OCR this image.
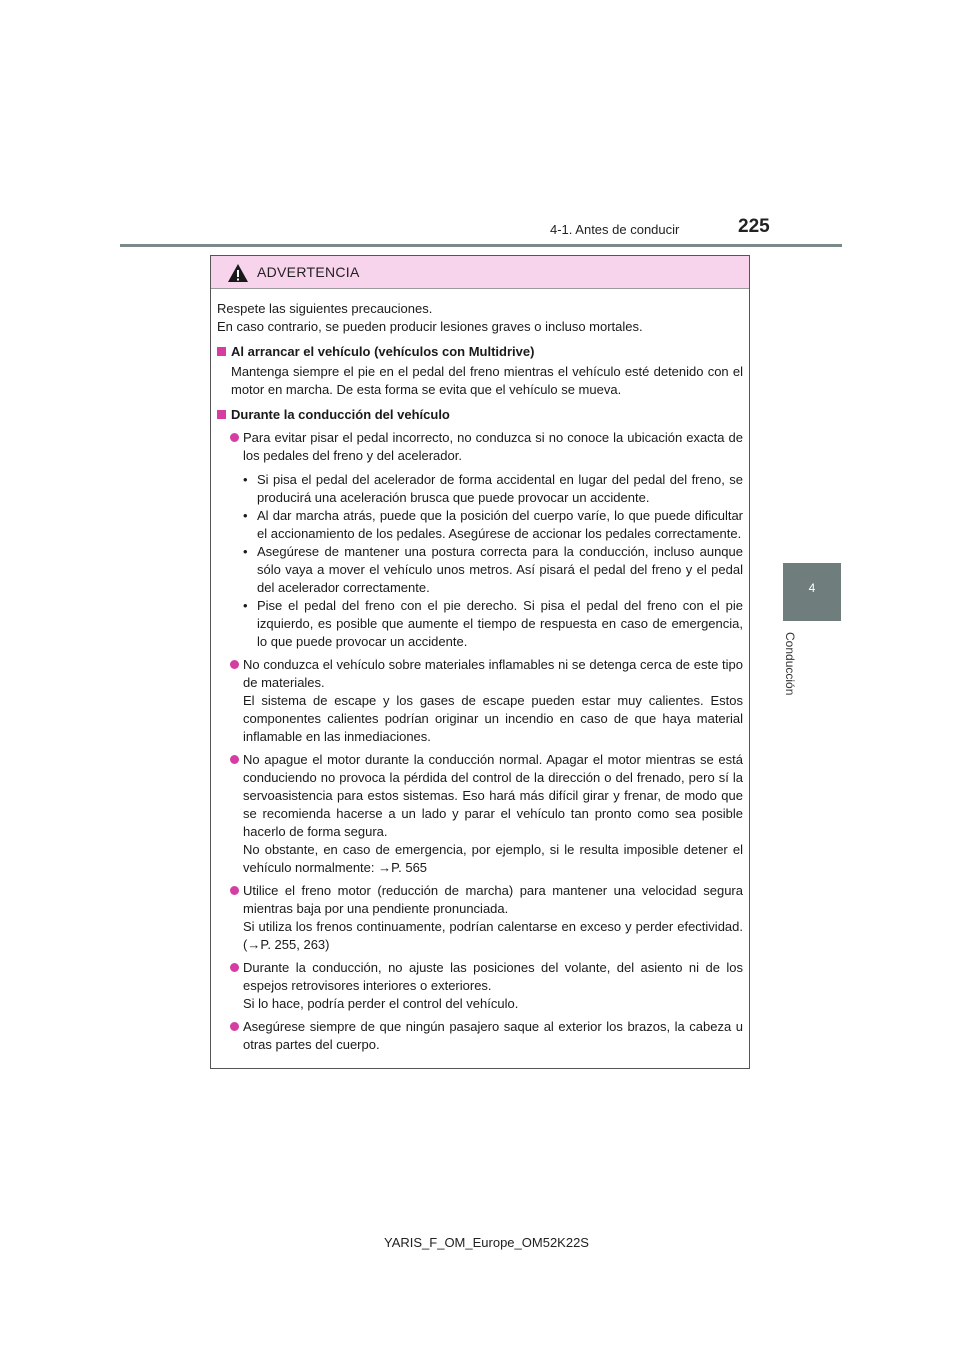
4-1. Antes de conducir	225
4
Conducción
ADVERTENCIA

Respete las siguientes precauciones.

En caso contrario, se pueden producir lesiones graves o incluso mortales.

Al arrancar el vehículo (vehículos con Multidrive)

Mantenga siempre el pie en el pedal del freno mientras el vehículo esté detenido con el motor en marcha. De esta forma se evita que el vehículo se mueva.

Durante la conducción del vehículo

Para evitar pisar el pedal incorrecto, no conduzca si no conoce la ubicación exacta de los pedales del freno y del acelerador.

• Si pisa el pedal del acelerador de forma accidental en lugar del pedal del freno, se producirá una aceleración brusca que puede provocar un accidente.

• Al dar marcha atrás, puede que la posición del cuerpo varíe, lo que puede dificultar el accionamiento de los pedales. Asegúrese de accionar los pedales correctamente.

• Asegúrese de mantener una postura correcta para la conducción, incluso aunque sólo vaya a mover el vehículo unos metros. Así pisará el pedal del freno y el pedal del acelerador correctamente.

• Pise el pedal del freno con el pie derecho. Si pisa el pedal del freno con el pie izquierdo, es posible que aumente el tiempo de respuesta en caso de emergencia, lo que puede provocar un accidente.

No conduzca el vehículo sobre materiales inflamables ni se detenga cerca de este tipo de materiales.

El sistema de escape y los gases de escape pueden estar muy calientes. Estos componentes calientes podrían originar un incendio en caso de que haya material inflamable en las inmediaciones.

No apague el motor durante la conducción normal. Apagar el motor mientras se está conduciendo no provoca la pérdida del control de la dirección o del frenado, pero sí la servoasistencia para estos sistemas. Eso hará más difícil girar y frenar, de modo que se recomienda hacerse a un lado y parar el vehículo tan pronto como sea posible hacerlo de forma segura.

No obstante, en caso de emergencia, por ejemplo, si le resulta imposible detener el vehículo normalmente: →P. 565

Utilice el freno motor (reducción de marcha) para mantener una velocidad segura mientras baja por una pendiente pronunciada.

Si utiliza los frenos continuamente, podrían calentarse en exceso y perder efectividad. (→P. 255, 263)

Durante la conducción, no ajuste las posiciones del volante, del asiento ni de los espejos retrovisores interiores o exteriores.

Si lo hace, podría perder el control del vehículo.

Asegúrese siempre de que ningún pasajero saque al exterior los brazos, la cabeza u otras partes del cuerpo.

YARIS_F_OM_Europe_OM52K22S
